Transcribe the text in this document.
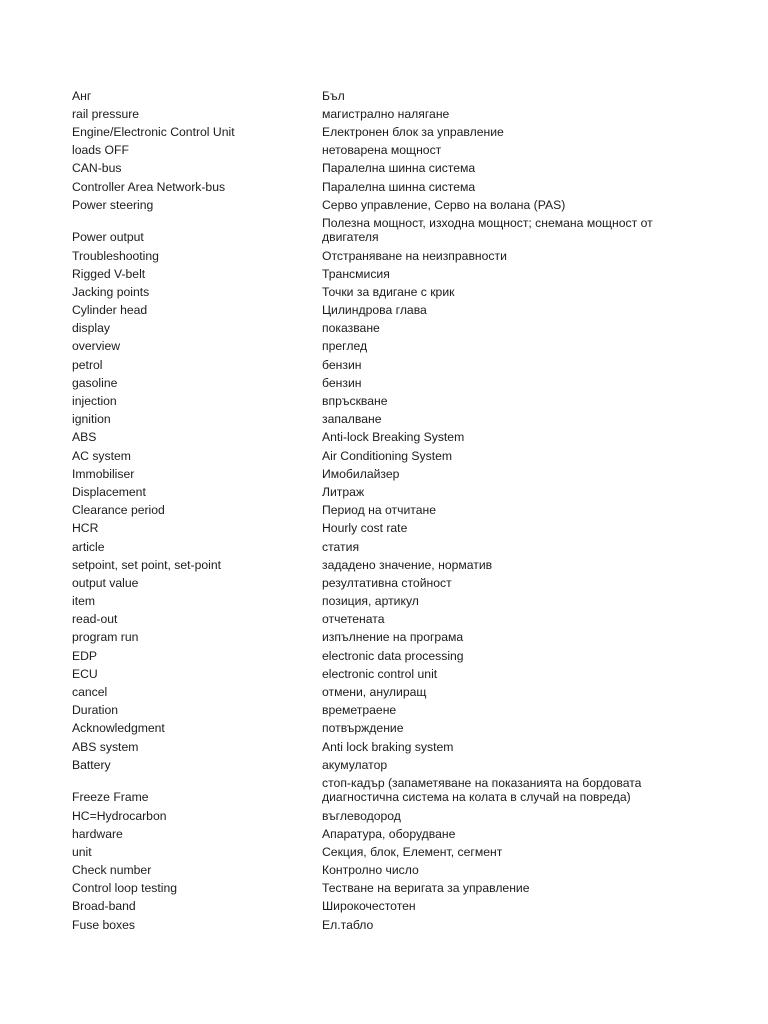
Анг	Бъл
rail pressure	магистрално налягане
Engine/Electronic Control Unit	Електронен блок за управление
loads OFF	нетоварена мощност
CAN-bus	Паралелна шинна система
Controller Area Network-bus	Паралелна шинна система
Power steering	Серво управление, Серво на волана (PAS)
Power output	Полезна мощност, изходна мощност; снемана мощност от двигателя
Troubleshooting	Отстраняване на неизправности
Rigged V-belt	Трансмисия
Jacking points	Точки за вдигане с крик
Cylinder head	Цилиндрова глава
display	показване
overview	преглед
petrol	бензин
gasoline	бензин
injection	впръскване
ignition	запалване
ABS	Anti-lock Breaking System
AC system	Air Conditioning System
Immobiliser	Имобилайзер
Displacement	Литраж
Clearance period	Период на отчитане
HCR	Hourly cost rate
article	статия
setpoint, set point, set-point	зададено значение, норматив
output value	резултативна стойност
item	позиция, артикул
read-out	отчетената
program run	изпълнение на програма
EDP	electronic data processing
ECU	electronic control unit
cancel	отмени, анулиращ
Duration	времетраене
Acknowledgment	потвърждение
ABS system	Anti lock braking system
Battery	акумулатор
Freeze Frame	стоп-кадър (запаметяване на показанията на бордовата диагностична система на колата в случай на повреда)
HC=Hydrocarbon	въглеводород
hardware	Апаратура, оборудване
unit	Секция, блок, Елемент, сегмент
Check number	Контролно число
Control loop testing	Тестване на веригата за управление
Broad-band	Широкочестотен
Fuse boxes	Ел.табло
